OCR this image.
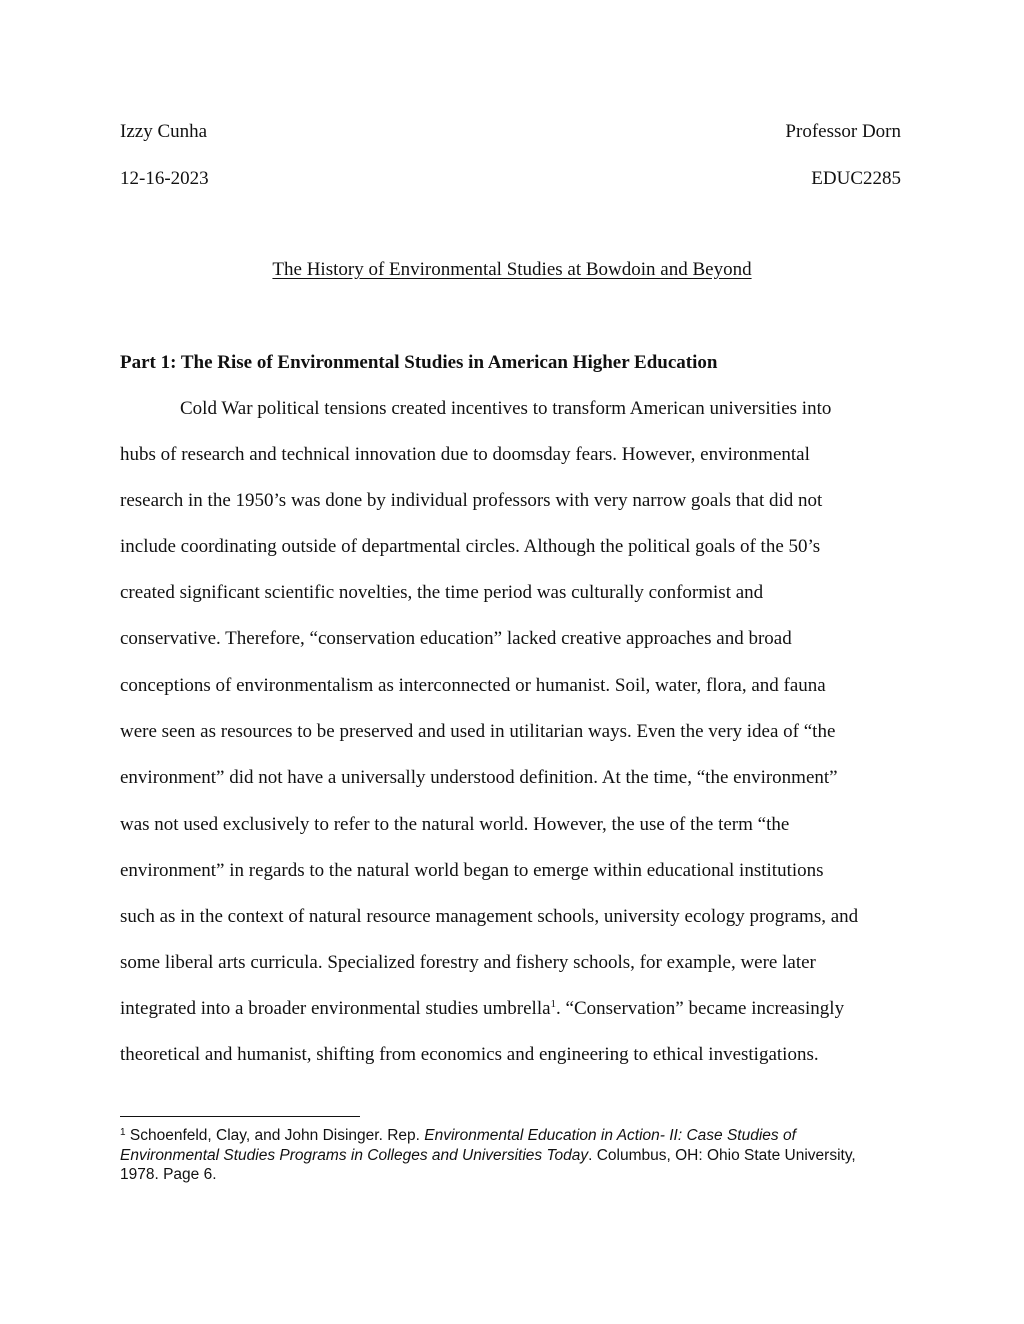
Izzy Cunha	Professor Dorn
12-16-2023	EDUC2285
The History of Environmental Studies at Bowdoin and Beyond
Part 1: The Rise of Environmental Studies in American Higher Education
Cold War political tensions created incentives to transform American universities into
hubs of research and technical innovation due to doomsday fears. However, environmental
research in the 1950’s was done by individual professors with very narrow goals that did not
include coordinating outside of departmental circles. Although the political goals of the 50’s
created significant scientific novelties, the time period was culturally conformist and
conservative. Therefore, “conservation education” lacked creative approaches and broad
conceptions of environmentalism as interconnected or humanist. Soil, water, flora, and fauna
were seen as resources to be preserved and used in utilitarian ways. Even the very idea of “the
environment” did not have a universally understood definition. At the time, “the environment”
was not used exclusively to refer to the natural world. However, the use of the term “the
environment” in regards to the natural world began to emerge within educational institutions
such as in the context of natural resource management schools, university ecology programs, and
some liberal arts curricula. Specialized forestry and fishery schools, for example, were later
integrated into a broader environmental studies umbrella$^1$. “Conservation” became increasingly
theoretical and humanist, shifting from economics and engineering to ethical investigations.
$^1$ Schoenfeld, Clay, and John Disinger. Rep. Environmental Education in Action- II: Case Studies of Environmental Studies Programs in Colleges and Universities Today. Columbus, OH: Ohio State University, 1978. Page 6.
